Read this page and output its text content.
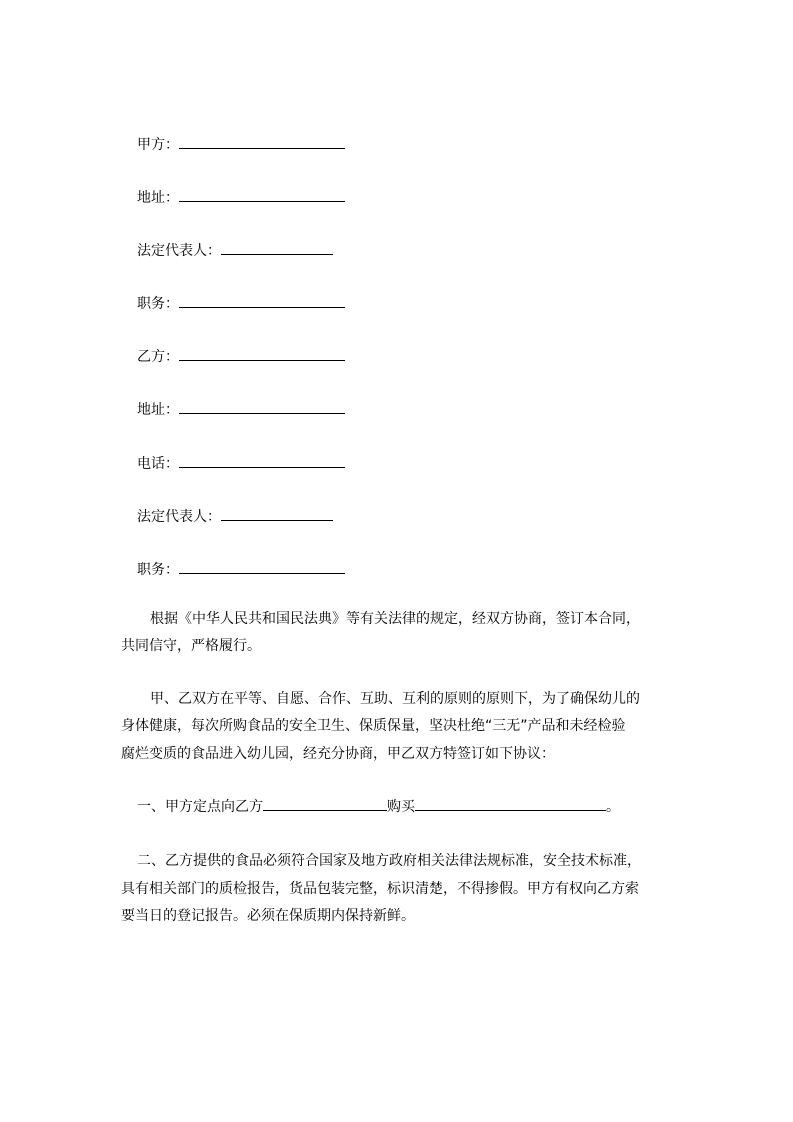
甲方：
地址：
法定代表人：
职务：
乙方：
地址：
电话：
法定代表人：
职务：
根据《中华人民共和国民法典》等有关法律的规定，经双方协商，签订本合同，
共同信守，严格履行。
甲、乙双方在平等、自愿、合作、互助、互利的原则的原则下，为了确保幼儿的
身体健康，每次所购食品的安全卫生、保质保量，坚决杜绝“三无”产品和未经检验
腐烂变质的食品进入幼儿园，经充分协商，甲乙双方特签订如下协议：
一、甲方定点向乙方	购买	。
二、乙方提供的食品必须符合国家及地方政府相关法律法规标准，安全技术标准，
具有相关部门的质检报告，货品包装完整，标识清楚，不得掺假。甲方有权向乙方索
要当日的登记报告。必须在保质期内保持新鲜。
